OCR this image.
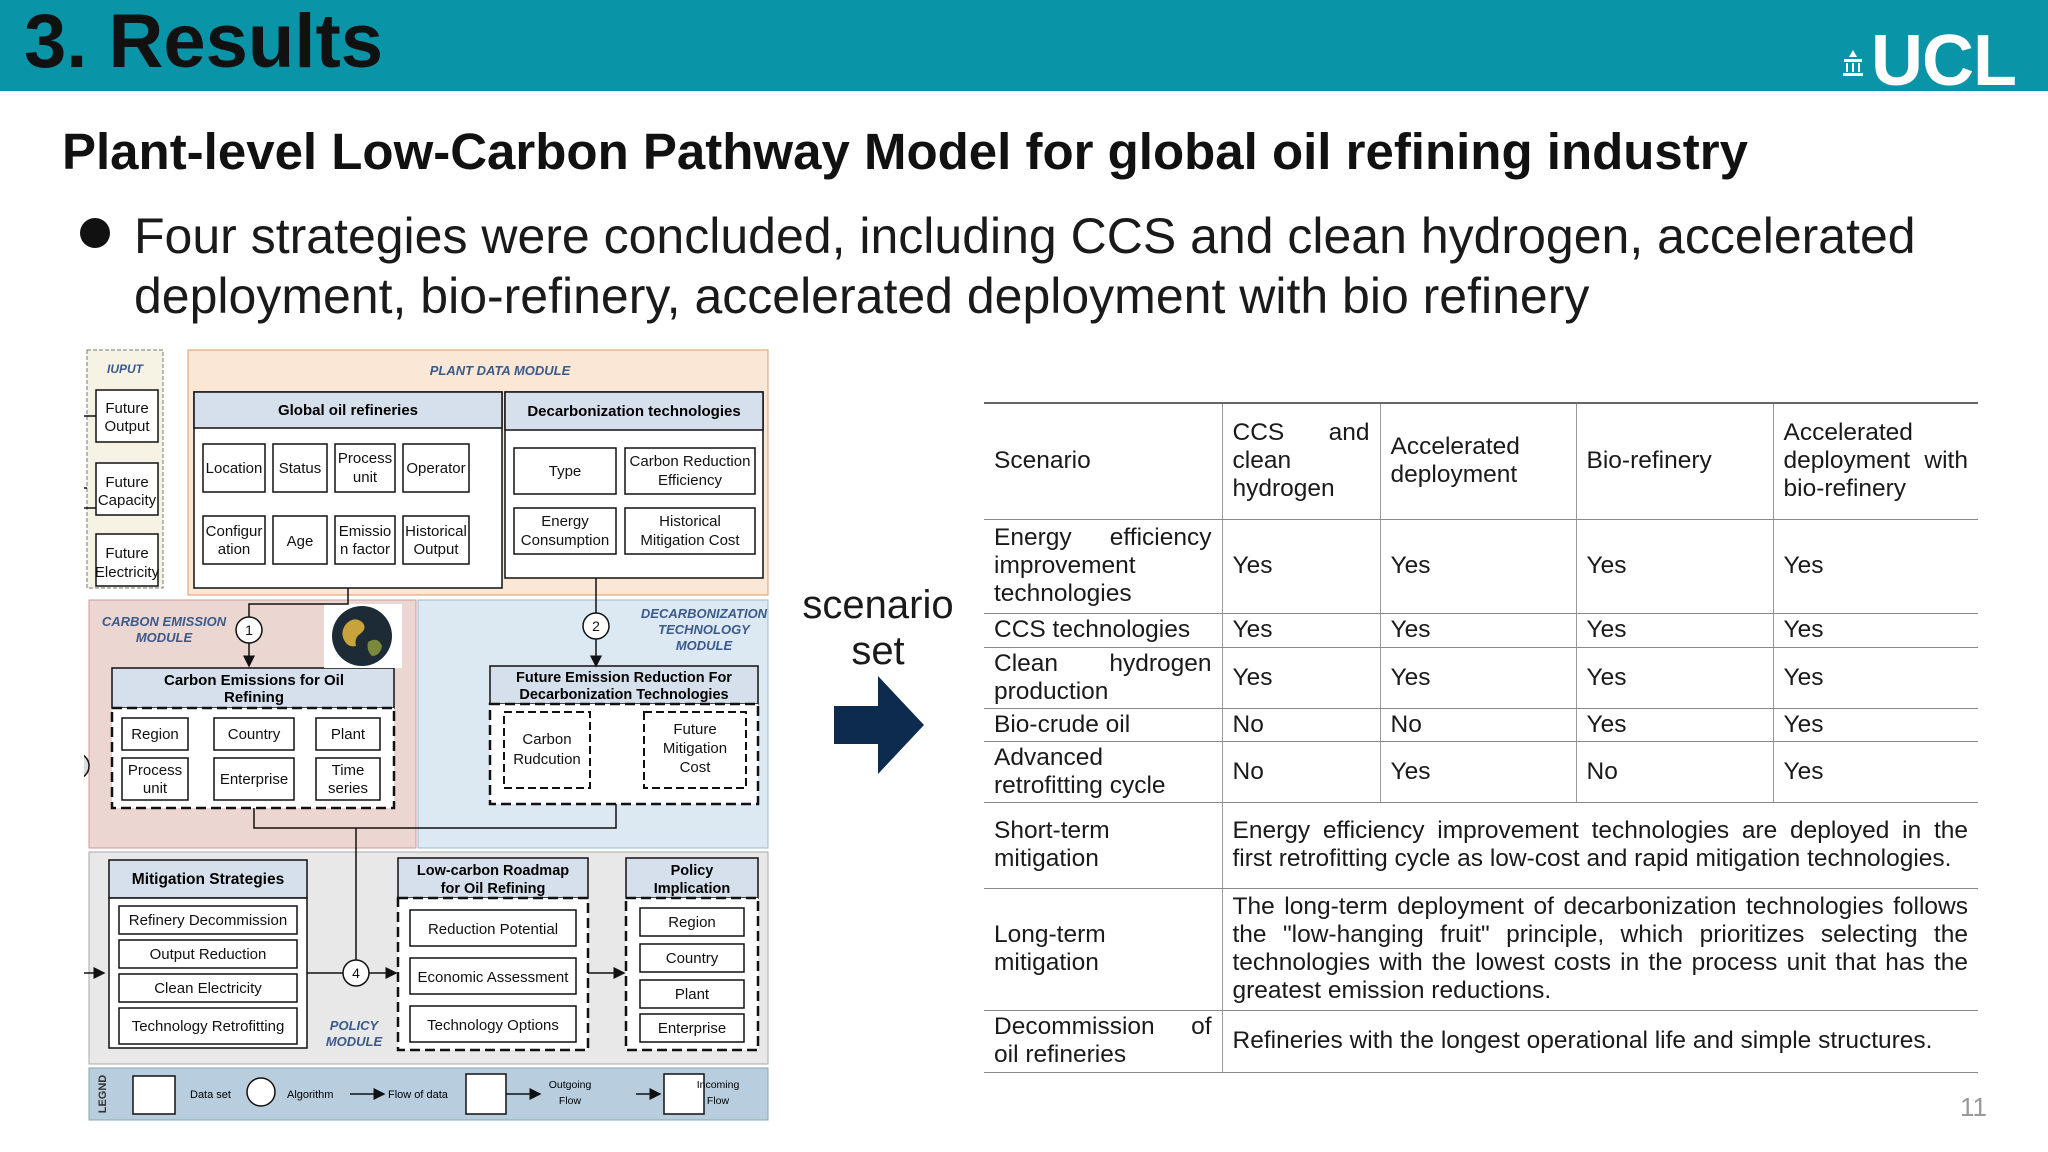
3. Results	UCL
Plant-level Low-Carbon Pathway Model for global oil refining industry
Four strategies were concluded, including CCS and clean hydrogen, accelerated deployment, bio-refinery, accelerated deployment with bio refinery
IUPUT	PLANT DATA MODULE
CARBON EMISSION
MODULE
DECARBONIZATION
TECHNOLOGY
MODULE
POLICY
MODULE
Future
Output
Future
Capacity
Future
Electricity
Global oil refineries
Location Status
Process
unit
Operator
Configur
ation Age
Emissio
n factor
Historical
Output
Decarbonization technologies
Type
Carbon Reduction
Efficiency
Energy
Consumption
Historical
Mitigation Cost
Carbon Emissions for Oil
Refining
Region	Country	Plant
Process
unit
Enterprise
Time
series
Future Emission Reduction For
Decarbonization Technologies
Carbon
Rudcution
Future
Mitigation
Cost
Mitigation Strategies
Refinery Decommission
Output Reduction
Clean Electricity
Technology Retrofitting
Low-carbon Roadmap
for Oil Refining
Reduction Potential
Economic Assessment
Technology Options
Policy
Implication
Region
Country
Plant
Enterprise
1	2
4
LEGND	Data set	Algorithm	Flow of data
Outgoing
Flow
Incoming
Flow
scenario set
Scenario	CCS and clean hydrogen	Accelerated deployment	Bio-refinery	Accelerated deployment with bio-refinery
Energy efficiency improvement technologies	Yes	Yes	Yes	Yes
CCS technologies	Yes	Yes	Yes	Yes
Clean hydrogen production	Yes	Yes	Yes	Yes
Bio-crude oil	No	No	Yes	Yes
Advanced retrofitting cycle	No	Yes	No	Yes
Short-term mitigation	Energy efficiency improvement technologies are deployed in the first retrofitting cycle as low-cost and rapid mitigation technologies.			
Long-term mitigation	The long-term deployment of decarbonization technologies follows the "low-hanging fruit" principle, which prioritizes selecting the technologies with the lowest costs in the process unit that has the greatest emission reductions.			
Decommission of oil refineries	Refineries with the longest operational life and simple structures.			
11
